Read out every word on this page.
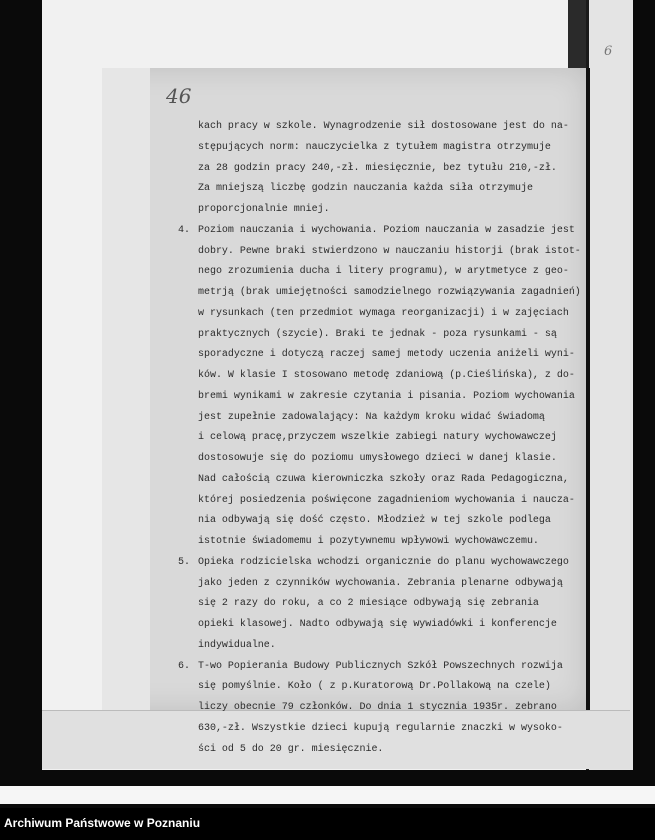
6
46
kach pracy w szkole. Wynagrodzenie sił dostosowane jest do na-
stępujących norm: nauczycielka z tytułem magistra otrzymuje
za 28 godzin pracy 240,-zł. miesięcznie, bez tytułu 210,-zł.
Za mniejszą liczbę godzin nauczania każda siła otrzymuje
proporcjonalnie mniej.
4. Poziom nauczania i wychowania. Poziom nauczania w zasadzie jest
dobry. Pewne braki stwierdzono w nauczaniu historji (brak istot-
nego zrozumienia ducha i litery programu), w arytmetyce z geo-
metrją (brak umiejętności samodzielnego rozwiązywania zagadnień)
w rysunkach (ten przedmiot wymaga reorganizacji) i w zajęciach
praktycznych (szycie). Braki te jednak - poza rysunkami - są
sporadyczne i dotyczą raczej samej metody uczenia aniżeli wyni-
ków. W klasie I stosowano metodę zdaniową (p.Cieślińska), z do-
bremi wynikami w zakresie czytania i pisania. Poziom wychowania
jest zupełnie zadowalający: Na każdym kroku widać świadomą
i celową pracę,przyczem wszelkie zabiegi natury wychowawczej
dostosowuje się do poziomu umysłowego dzieci w danej klasie.
Nad całością czuwa kierowniczka szkoły oraz Rada Pedagogiczna,
której posiedzenia poświęcone zagadnieniom wychowania i naucza-
nia odbywają się dość często. Młodzież w tej szkole podlega
istotnie świadomemu i pozytywnemu wpływowi wychowawczemu.
5. Opieka rodzicielska wchodzi organicznie do planu wychowawczego
jako jeden z czynników wychowania. Zebrania plenarne odbywają
się 2 razy do roku, a co 2 miesiące odbywają się zebrania
opieki klasowej. Nadto odbywają się wywiadówki i konferencje
indywidualne.
6. T-wo Popierania Budowy Publicznych Szkół Powszechnych rozwija
się pomyślnie. Koło ( z p.Kuratorową Dr.Pollakową na czele)
liczy obecnie 79 członków. Do dnia 1 stycznia 1935r. zebrano
630,-zł. Wszystkie dzieci kupują regularnie znaczki w wysoko-
ści od 5 do 20 gr. miesięcznie.
Archiwum Państwowe w Poznaniu
